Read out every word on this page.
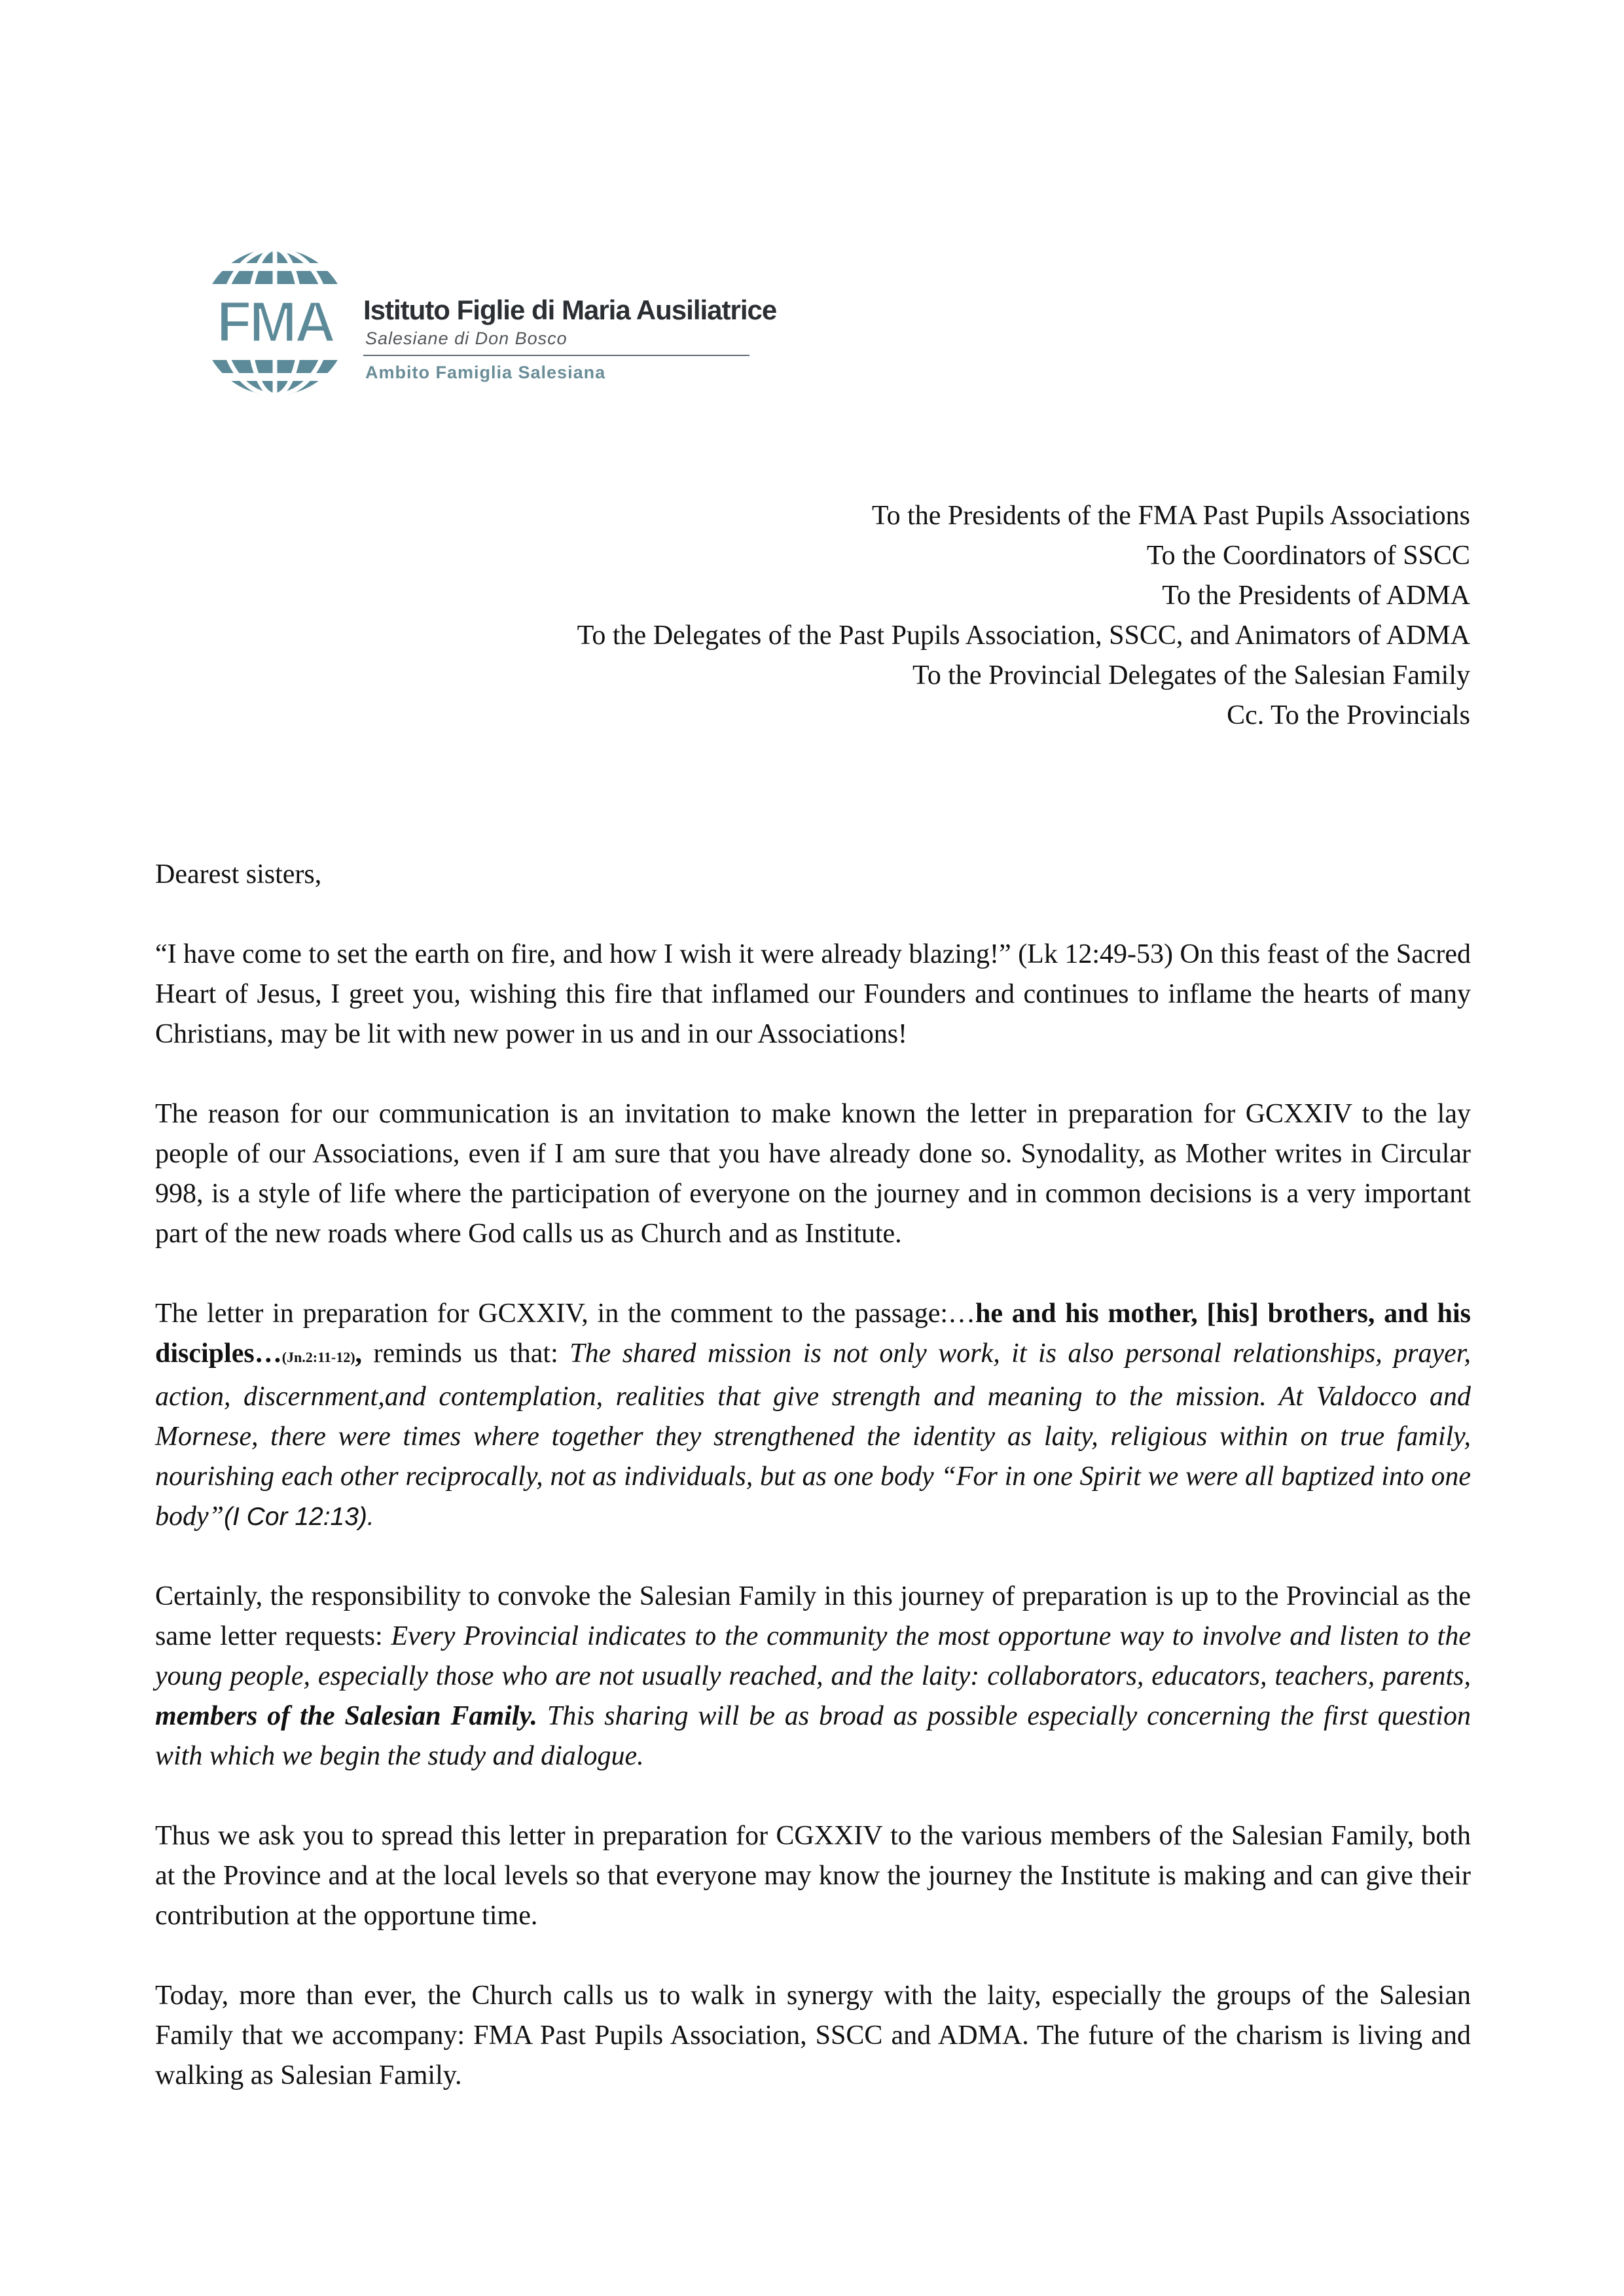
FMA Istituto Figlie di Maria Ausiliatrice

Salesiane di Don Bosco

Ambito Famiglia Salesiana

To the Presidents of the FMA Past Pupils Associations
To the Coordinators of SSCC
To the Presidents of ADMA
To the Delegates of the Past Pupils Association, SSCC, and Animators of ADMA
To the Provincial Delegates of the Salesian Family
Cc. To the Provincials

Dearest sisters,

“I have come to set the earth on fire, and how I wish it were already blazing!” (Lk 12:49-53) On this feast of the Sacred Heart of Jesus, I greet you, wishing this fire that inflamed our Founders and continues to inflame the hearts of many Christians, may be lit with new power in us and in our Associations!

The reason for our communication is an invitation to make known the letter in preparation for GCXXIV to the lay people of our Associations, even if I am sure that you have already done so. Synodality, as Mother writes in Circular 998, is a style of life where the participation of everyone on the journey and in common decisions is a very important part of the new roads where God calls us as Church and as Institute.

The letter in preparation for GCXXIV, in the comment to the passage:…he and his mother, [his] brothers, and his disciples…(Jn.2:11-12), reminds us that: The shared mission is not only work, it is also personal relationships, prayer, action, discernment,and contemplation, realities that give strength and meaning to the mission. At Valdocco and Mornese, there were times where together they strengthened the identity as laity, religious within on true family, nourishing each other reciprocally, not as individuals, but as one body “For in one Spirit we were all baptized into one body”(I Cor 12:13).

Certainly, the responsibility to convoke the Salesian Family in this journey of preparation is up to the Provincial as the same letter requests: Every Provincial indicates to the community the most opportune way to involve and listen to the young people, especially those who are not usually reached, and the laity: collaborators, educators, teachers, parents, members of the Salesian Family. This sharing will be as broad as possible especially concerning the first question with which we begin the study and dialogue.

Thus we ask you to spread this letter in preparation for CGXXIV to the various members of the Salesian Family, both at the Province and at the local levels so that everyone may know the journey the Institute is making and can give their contribution at the opportune time.

Today, more than ever, the Church calls us to walk in synergy with the laity, especially the groups of the Salesian Family that we accompany: FMA Past Pupils Association, SSCC and ADMA. The future of the charism is living and walking as Salesian Family.
